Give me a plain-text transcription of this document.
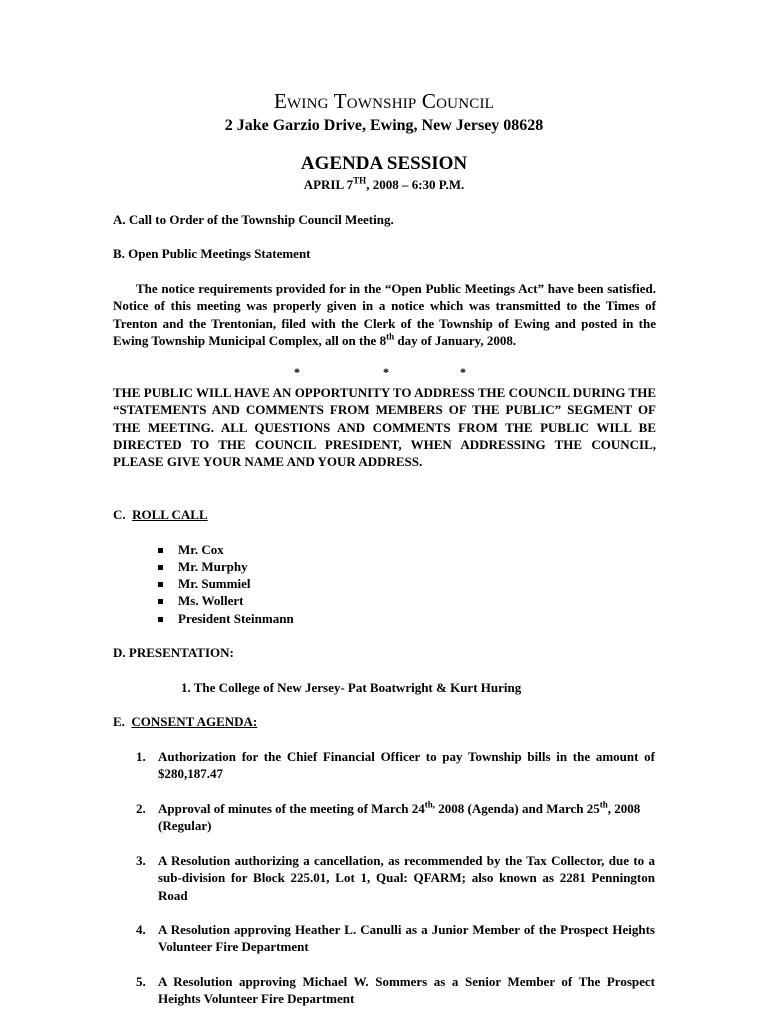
Ewing Township Council
2 Jake Garzio Drive, Ewing, New Jersey 08628
AGENDA SESSION
APRIL 7TH, 2008 – 6:30 P.M.
A. Call to Order of the Township Council Meeting.
B. Open Public Meetings Statement
The notice requirements provided for in the “Open Public Meetings Act” have been satisfied. Notice of this meeting was properly given in a notice which was transmitted to the Times of Trenton and the Trentonian, filed with the Clerk of the Township of Ewing and posted in the Ewing Township Municipal Complex, all on the 8th day of January, 2008.
*	*	*
THE PUBLIC WILL HAVE AN OPPORTUNITY TO ADDRESS THE COUNCIL DURING THE “STATEMENTS AND COMMENTS FROM MEMBERS OF THE PUBLIC” SEGMENT OF THE MEETING. ALL QUESTIONS AND COMMENTS FROM THE PUBLIC WILL BE DIRECTED TO THE COUNCIL PRESIDENT, WHEN ADDRESSING THE COUNCIL, PLEASE GIVE YOUR NAME AND YOUR ADDRESS.
C. ROLL CALL
Mr. Cox
Mr. Murphy
Mr. Summiel
Ms. Wollert
President Steinmann
D. PRESENTATION:
1. The College of New Jersey- Pat Boatwright & Kurt Huring
E. CONSENT AGENDA:
1. Authorization for the Chief Financial Officer to pay Township bills in the amount of $280,187.47
2. Approval of minutes of the meeting of March $24^{th,}$ 2008 (Agenda) and March 25th, 2008 (Regular)
3. A Resolution authorizing a cancellation, as recommended by the Tax Collector, due to a sub-division for Block 225.01, Lot 1, Qual: QFARM; also known as 2281 Pennington Road
4. A Resolution approving Heather L. Canulli as a Junior Member of the Prospect Heights Volunteer Fire Department
5. A Resolution approving Michael W. Sommers as a Senior Member of The Prospect Heights Volunteer Fire Department
